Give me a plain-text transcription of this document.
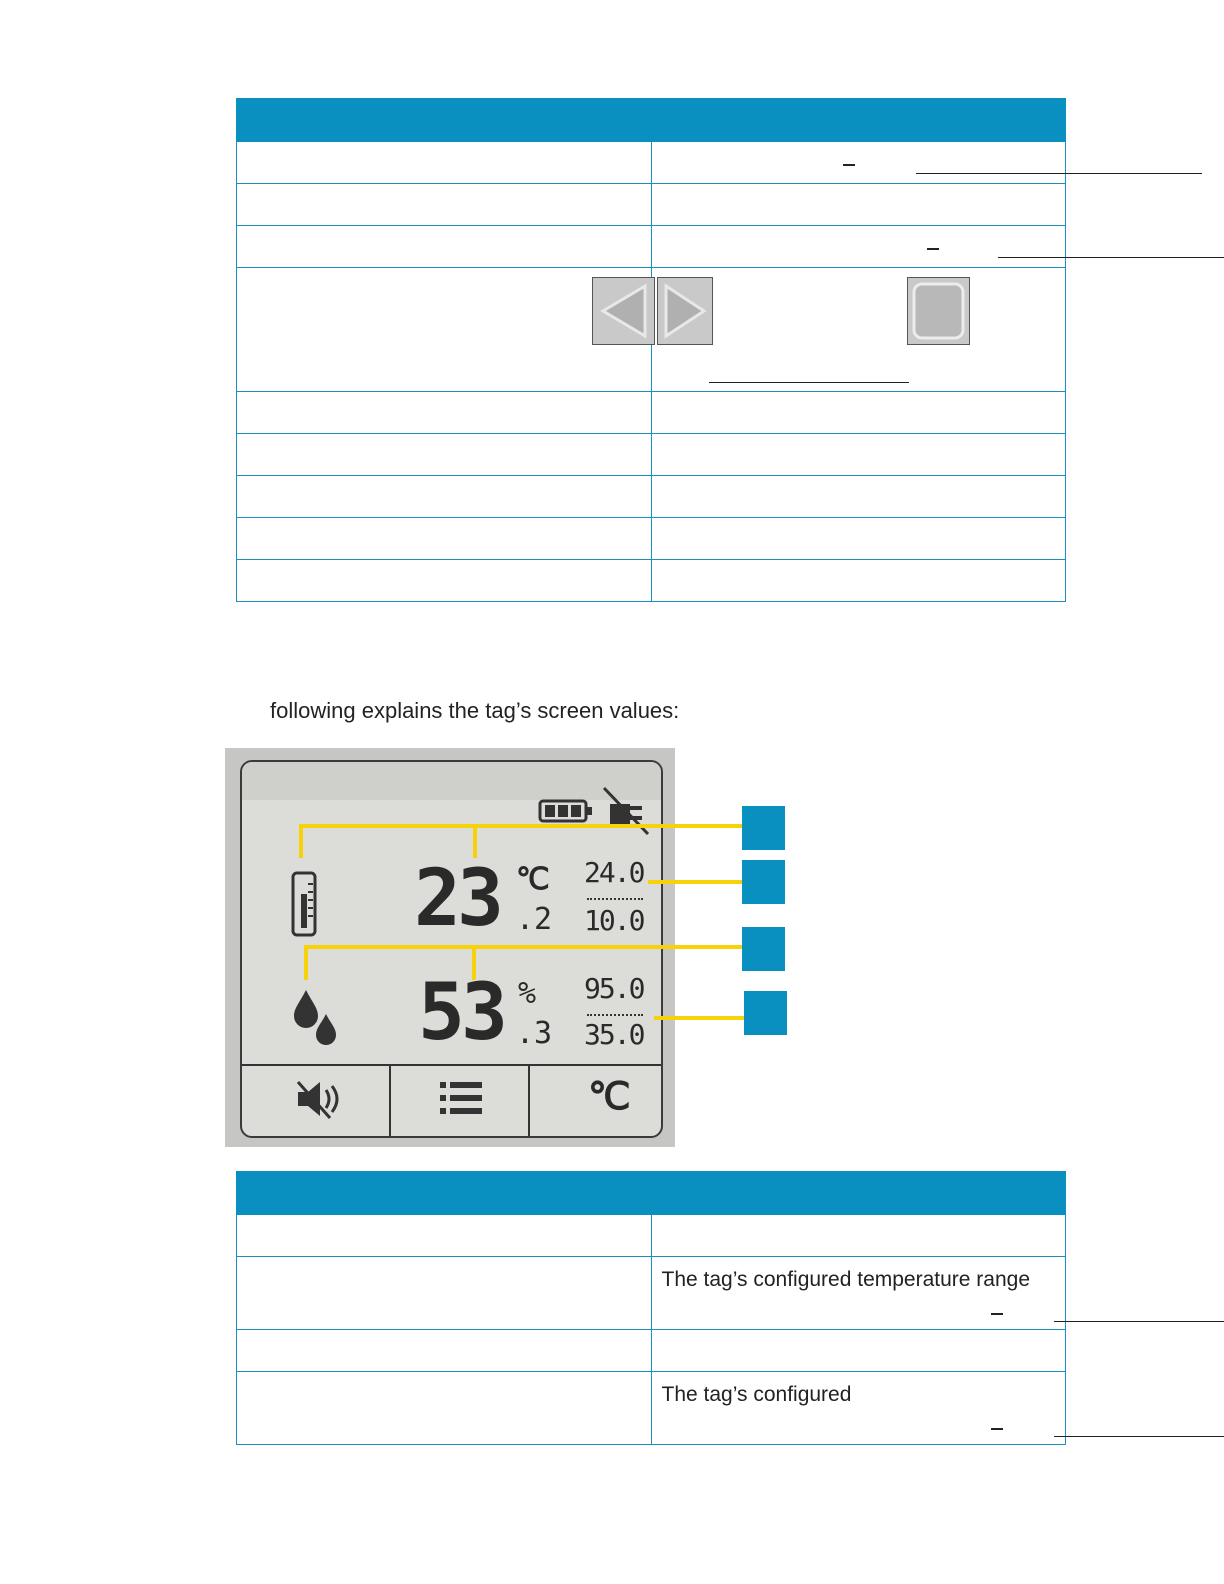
following explains the tag’s screen values:

23 ℃
.2
24.0
10.0
53 %
.3
95.0
35.0
℃

	The tag’s configured temperature range

	The tag’s configured
